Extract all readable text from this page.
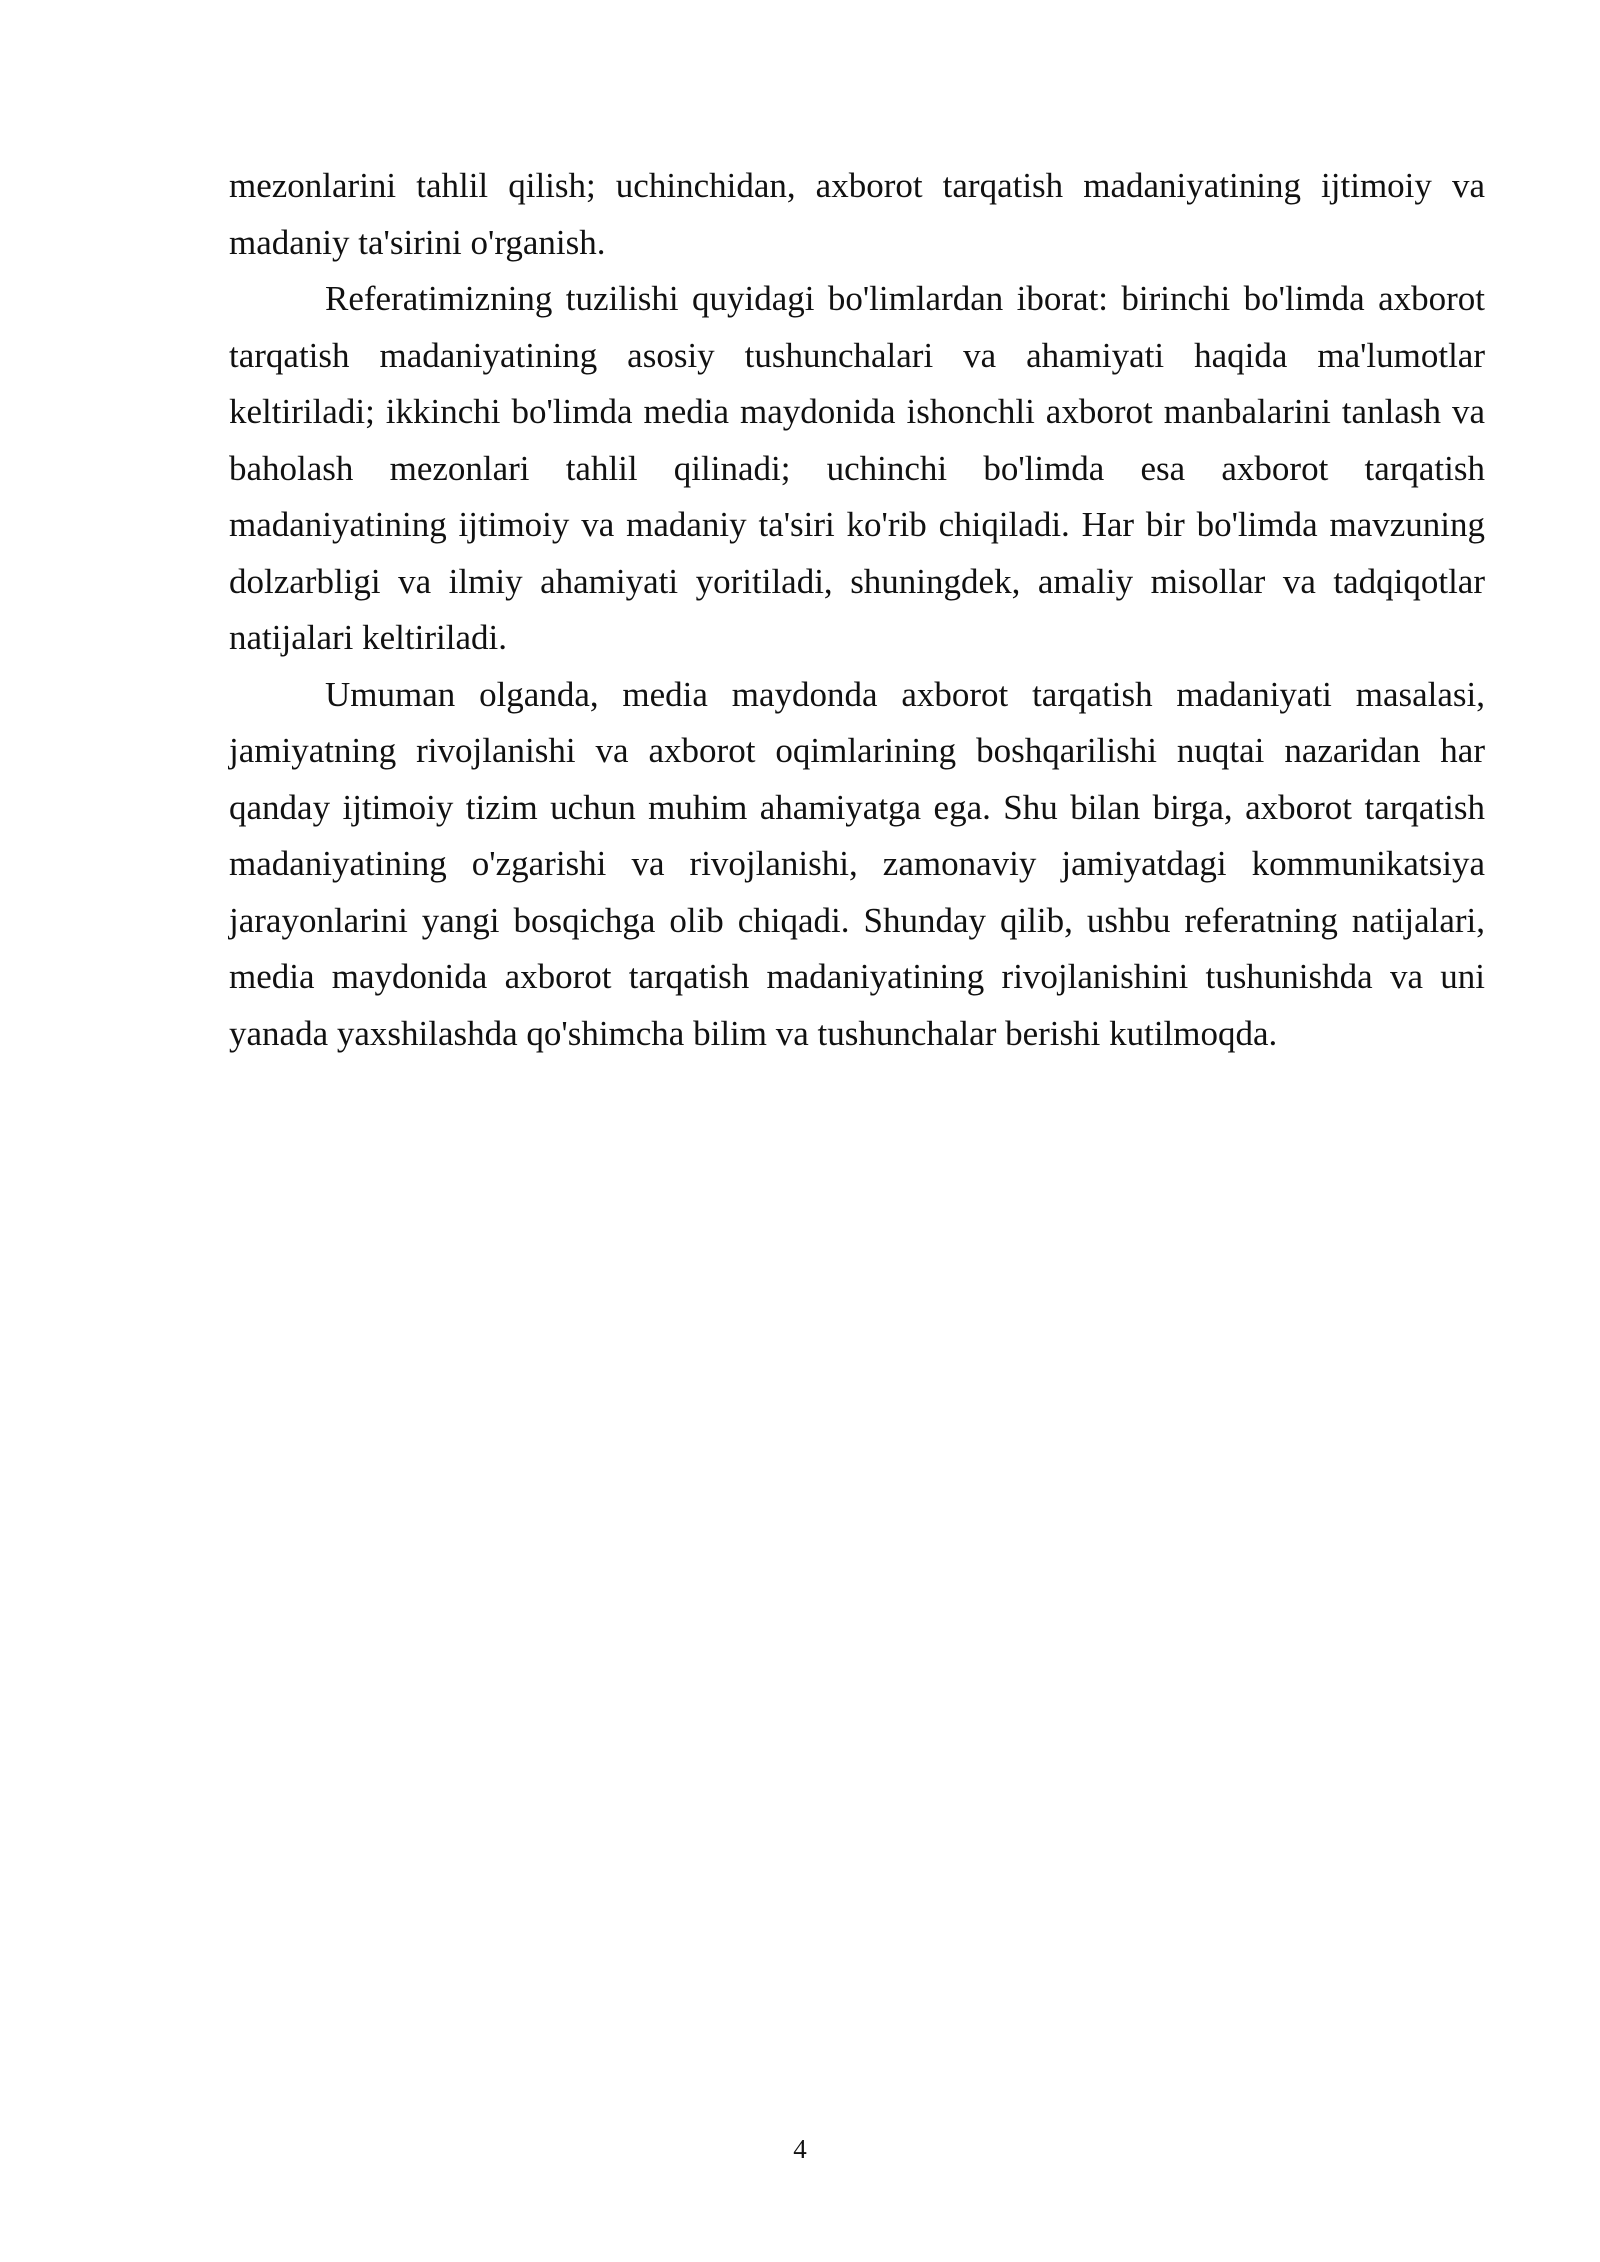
mezonlarini tahlil qilish; uchinchidan, axborot tarqatish madaniyatining ijtimoiy va madaniy ta'sirini o'rganish.

Referatimizning tuzilishi quyidagi bo'limlardan iborat: birinchi bo'limda axborot tarqatish madaniyatining asosiy tushunchalari va ahamiyati haqida ma'lumotlar keltiriladi; ikkinchi bo'limda media maydonida ishonchli axborot manbalarini tanlash va baholash mezonlari tahlil qilinadi; uchinchi bo'limda esa axborot tarqatish madaniyatining ijtimoiy va madaniy ta'siri ko'rib chiqiladi. Har bir bo'limda mavzuning dolzarbligi va ilmiy ahamiyati yoritiladi, shuningdek, amaliy misollar va tadqiqotlar natijalari keltiriladi.

Umuman olganda, media maydonda axborot tarqatish madaniyati masalasi, jamiyatning rivojlanishi va axborot oqimlarining boshqarilishi nuqtai nazaridan har qanday ijtimoiy tizim uchun muhim ahamiyatga ega. Shu bilan birga, axborot tarqatish madaniyatining o'zgarishi va rivojlanishi, zamonaviy jamiyatdagi kommunikatsiya jarayonlarini yangi bosqichga olib chiqadi. Shunday qilib, ushbu referatning natijalari, media maydonida axborot tarqatish madaniyatining rivojlanishini tushunishda va uni yanada yaxshilashda qo'shimcha bilim va tushunchalar berishi kutilmoqda.

4
